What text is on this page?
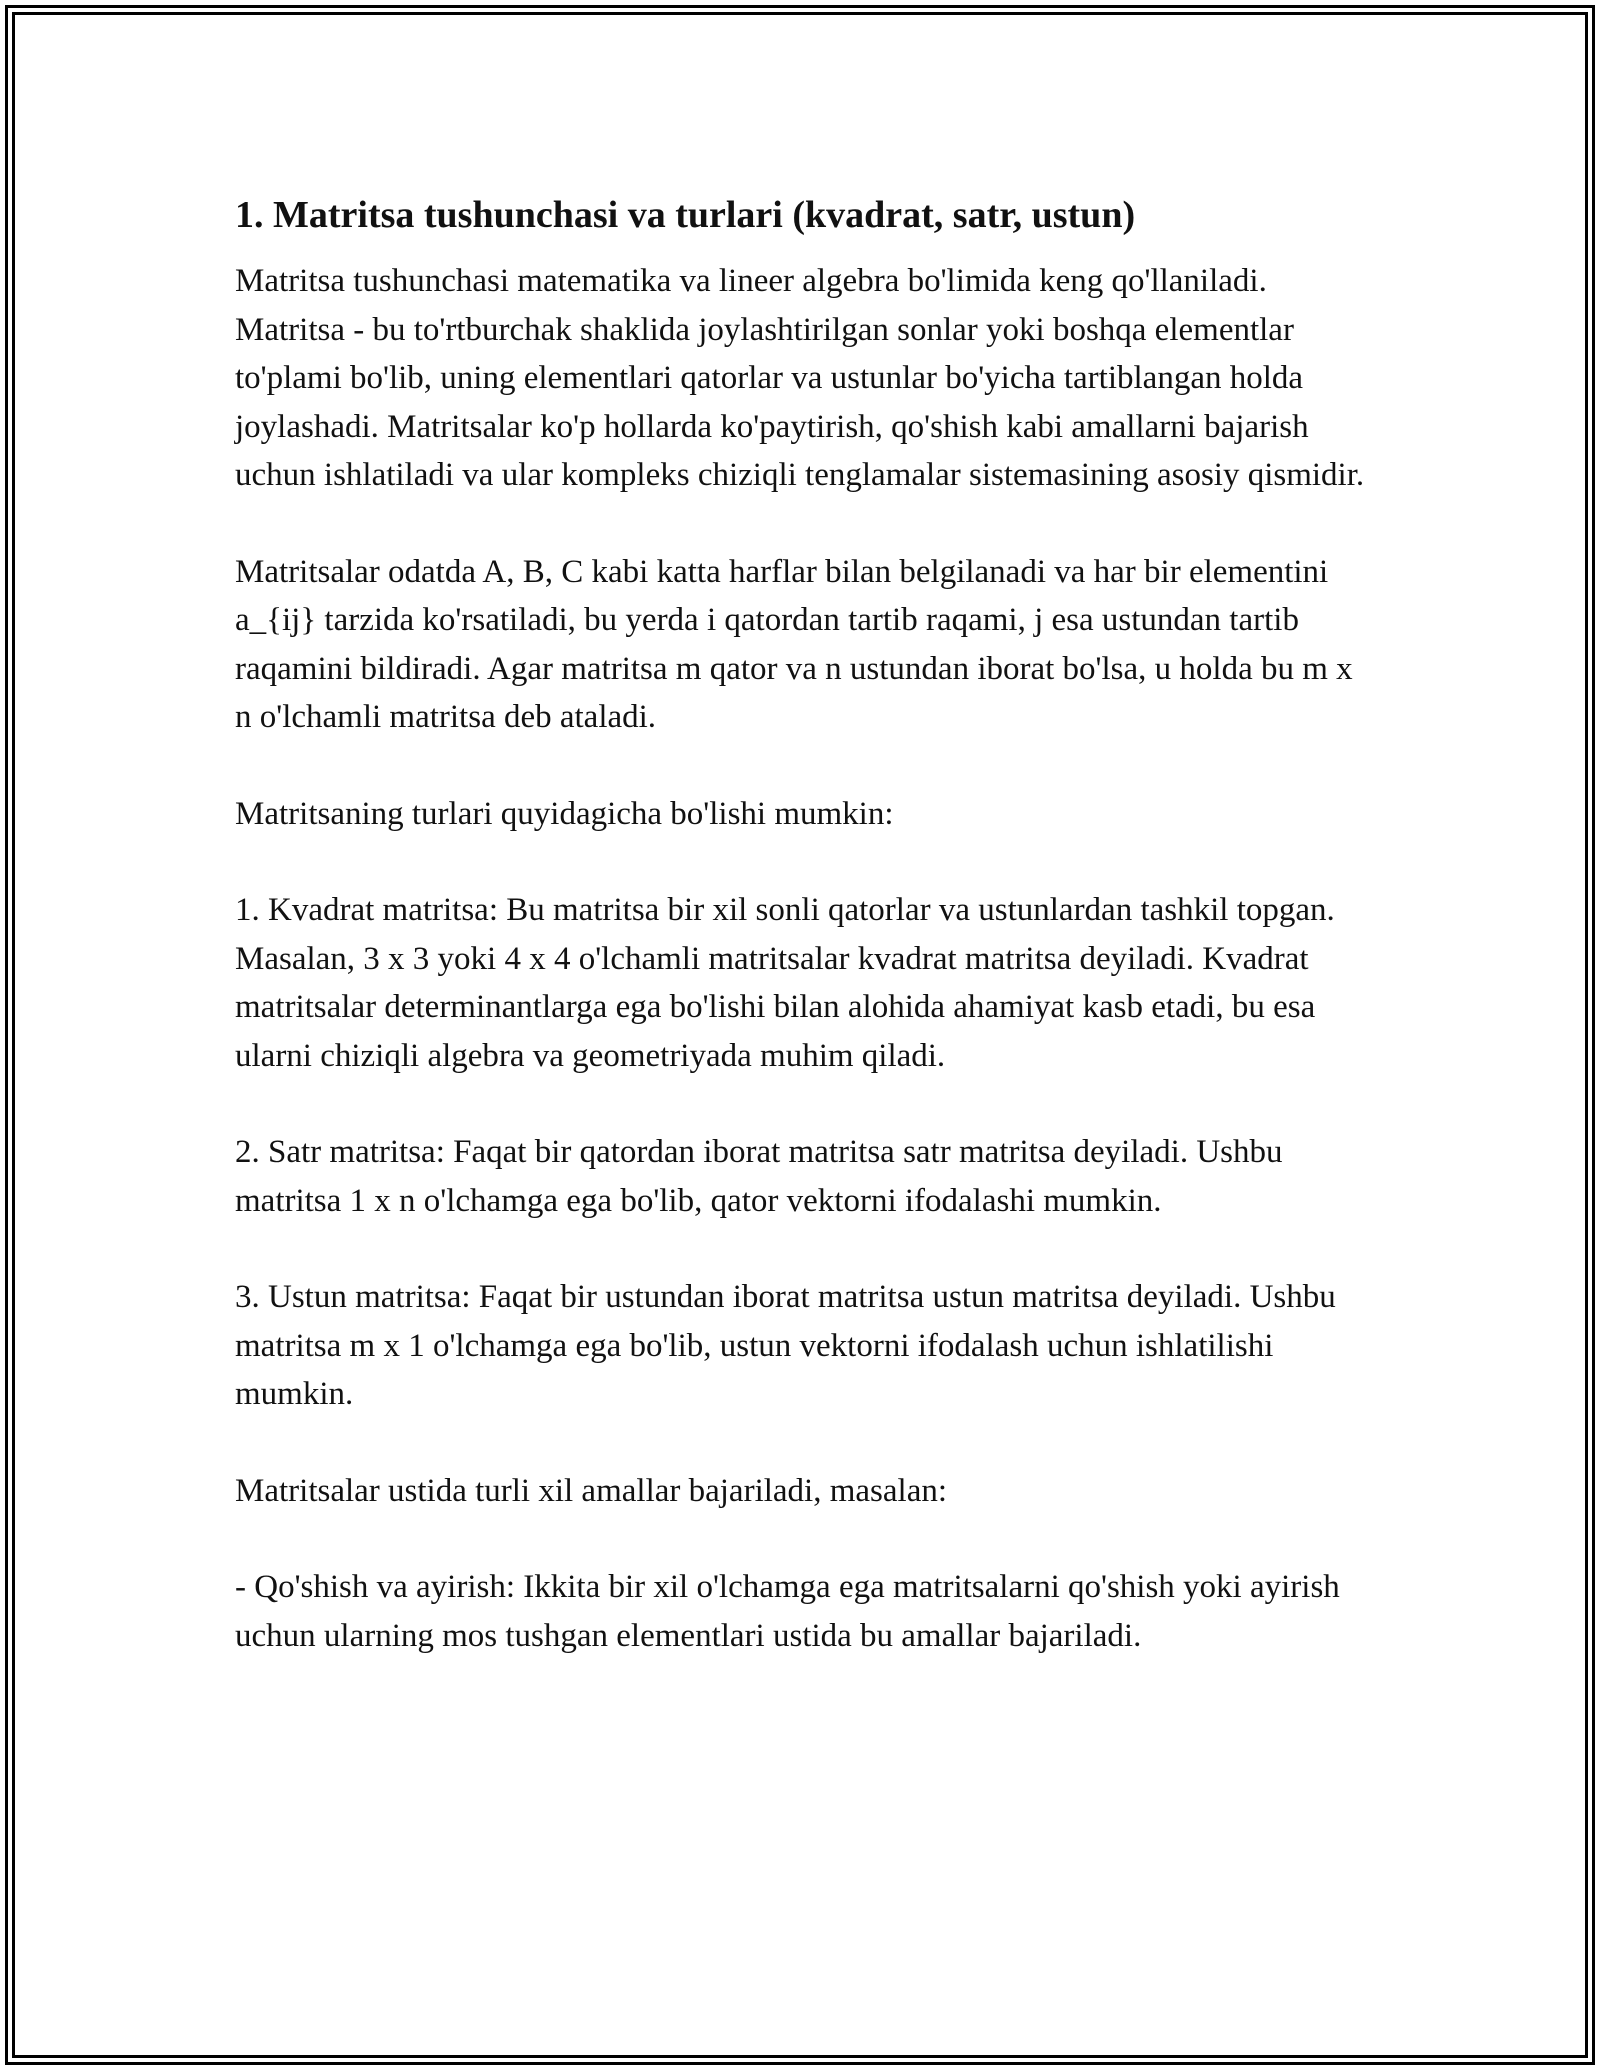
1. Matritsa tushunchasi va turlari (kvadrat, satr, ustun)

Matritsa tushunchasi matematika va lineer algebra bo'limida keng qo'llaniladi. Matritsa - bu to'rtburchak shaklida joylashtirilgan sonlar yoki boshqa elementlar to'plami bo'lib, uning elementlari qatorlar va ustunlar bo'yicha tartiblangan holda joylashadi. Matritsalar ko'p hollarda ko'paytirish, qo'shish kabi amallarni bajarish uchun ishlatiladi va ular kompleks chiziqli tenglamalar sistemasining asosiy qismidir.

Matritsalar odatda A, B, C kabi katta harflar bilan belgilanadi va har bir elementini a_{ij} tarzida ko'rsatiladi, bu yerda i qatordan tartib raqami, j esa ustundan tartib raqamini bildiradi. Agar matritsa m qator va n ustundan iborat bo'lsa, u holda bu m x n o'lchamli matritsa deb ataladi.

Matritsaning turlari quyidagicha bo'lishi mumkin:

1. Kvadrat matritsa: Bu matritsa bir xil sonli qatorlar va ustunlardan tashkil topgan. Masalan, 3 x 3 yoki 4 x 4 o'lchamli matritsalar kvadrat matritsa deyiladi. Kvadrat matritsalar determinantlarga ega bo'lishi bilan alohida ahamiyat kasb etadi, bu esa ularni chiziqli algebra va geometriyada muhim qiladi.

2. Satr matritsa: Faqat bir qatordan iborat matritsa satr matritsa deyiladi. Ushbu matritsa 1 x n o'lchamga ega bo'lib, qator vektorni ifodalashi mumkin.

3. Ustun matritsa: Faqat bir ustundan iborat matritsa ustun matritsa deyiladi. Ushbu matritsa m x 1 o'lchamga ega bo'lib, ustun vektorni ifodalash uchun ishlatilishi mumkin.

Matritsalar ustida turli xil amallar bajariladi, masalan:

- Qo'shish va ayirish: Ikkita bir xil o'lchamga ega matritsalarni qo'shish yoki ayirish uchun ularning mos tushgan elementlari ustida bu amallar bajariladi.
